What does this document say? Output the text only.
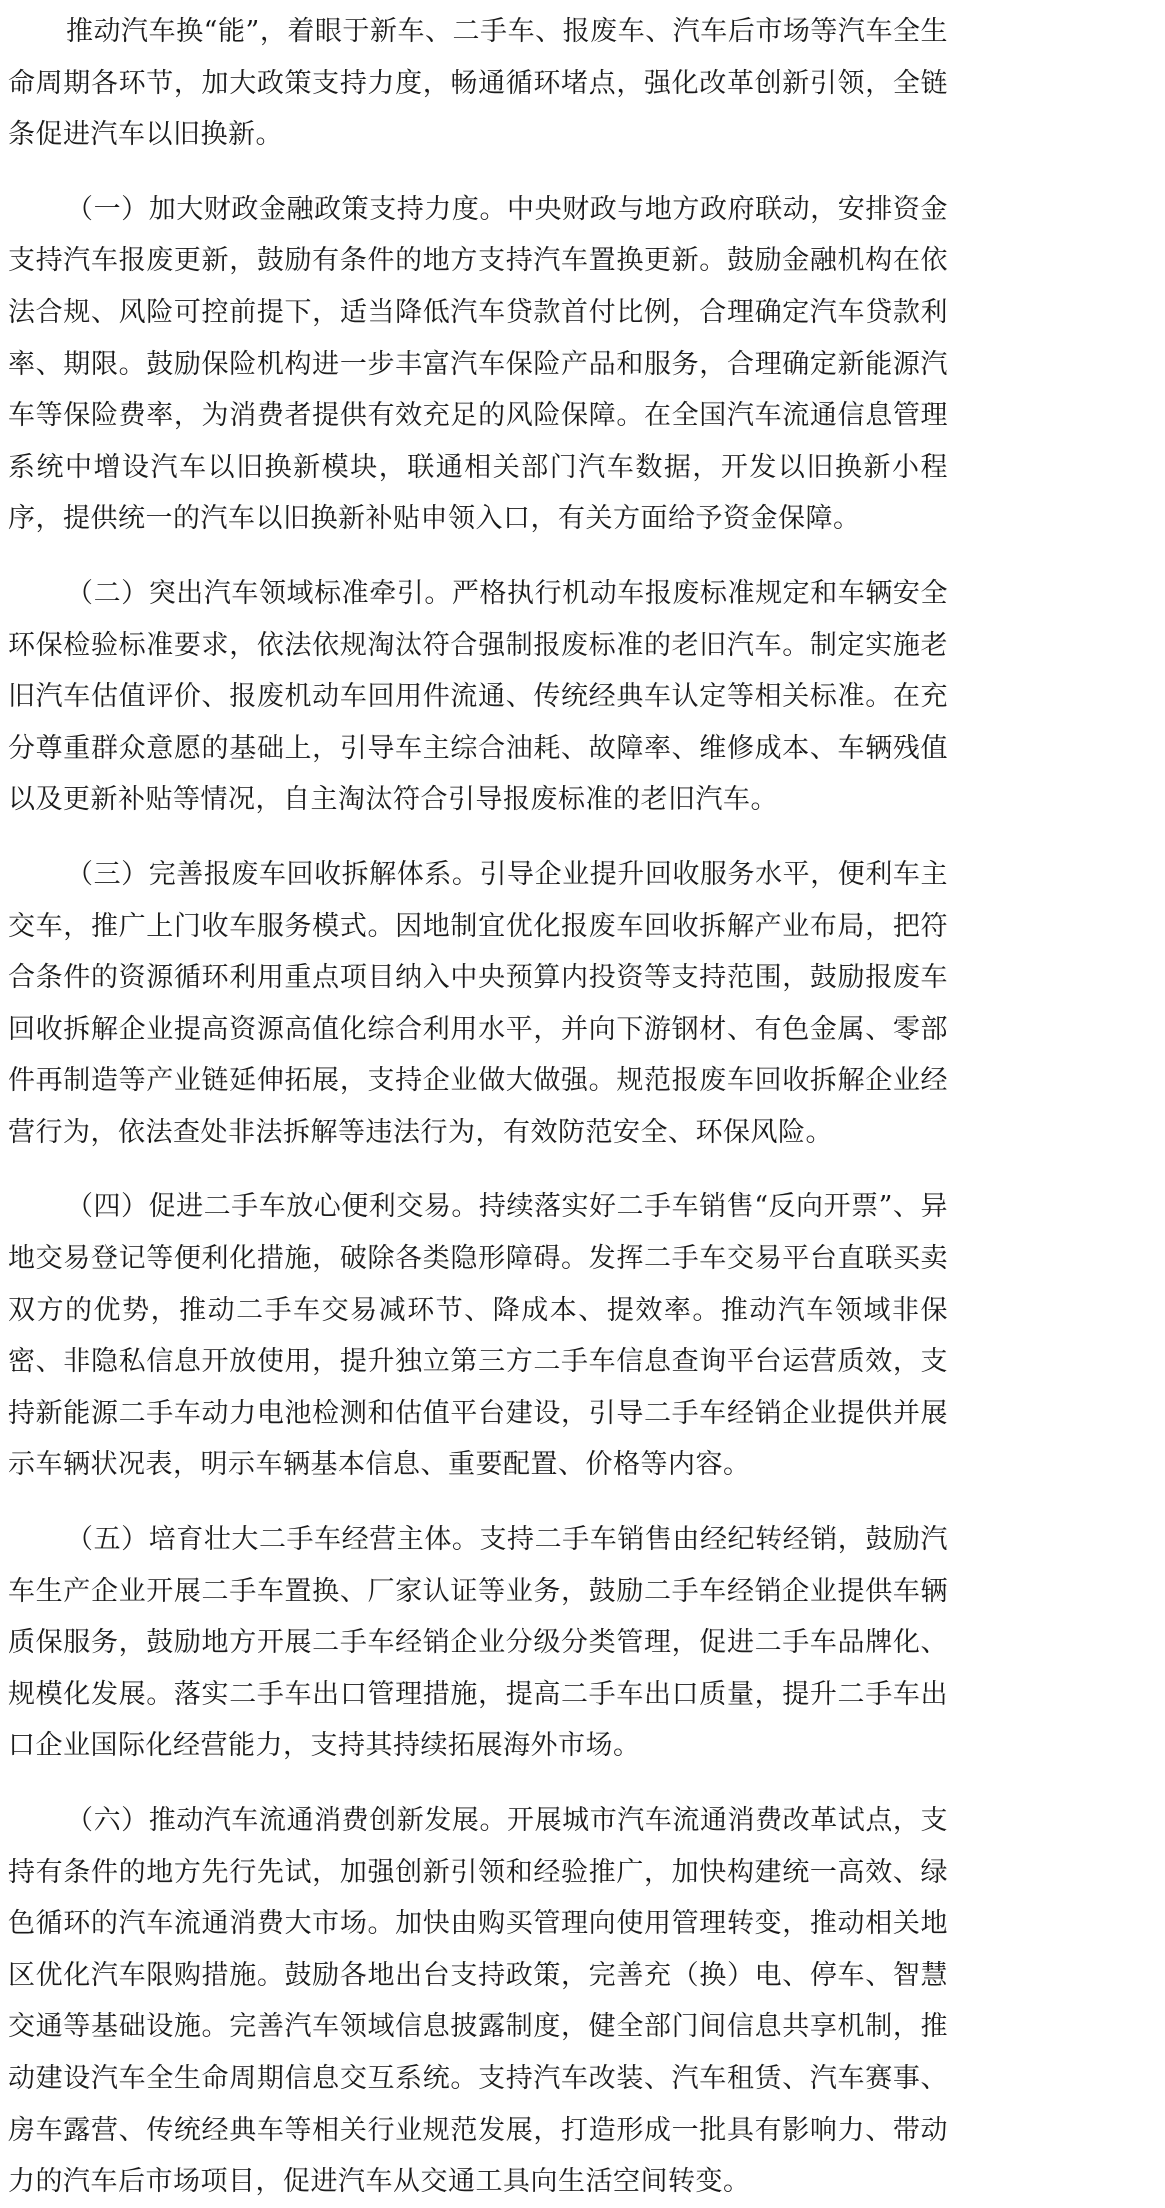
推动汽车换“能”，着眼于新车、二手车、报废车、汽车后市场等汽车全生命周期各环节，加大政策支持力度，畅通循环堵点，强化改革创新引领，全链条促进汽车以旧换新。

（一）加大财政金融政策支持力度。中央财政与地方政府联动，安排资金支持汽车报废更新，鼓励有条件的地方支持汽车置换更新。鼓励金融机构在依法合规、风险可控前提下，适当降低汽车贷款首付比例，合理确定汽车贷款利率、期限。鼓励保险机构进一步丰富汽车保险产品和服务，合理确定新能源汽车等保险费率，为消费者提供有效充足的风险保障。在全国汽车流通信息管理系统中增设汽车以旧换新模块，联通相关部门汽车数据，开发以旧换新小程序，提供统一的汽车以旧换新补贴申领入口，有关方面给予资金保障。

（二）突出汽车领域标准牵引。严格执行机动车报废标准规定和车辆安全环保检验标准要求，依法依规淘汰符合强制报废标准的老旧汽车。制定实施老旧汽车估值评价、报废机动车回用件流通、传统经典车认定等相关标准。在充分尊重群众意愿的基础上，引导车主综合油耗、故障率、维修成本、车辆残值以及更新补贴等情况，自主淘汰符合引导报废标准的老旧汽车。

（三）完善报废车回收拆解体系。引导企业提升回收服务水平，便利车主交车，推广上门收车服务模式。因地制宜优化报废车回收拆解产业布局，把符合条件的资源循环利用重点项目纳入中央预算内投资等支持范围，鼓励报废车回收拆解企业提高资源高值化综合利用水平，并向下游钢材、有色金属、零部件再制造等产业链延伸拓展，支持企业做大做强。规范报废车回收拆解企业经营行为，依法查处非法拆解等违法行为，有效防范安全、环保风险。

（四）促进二手车放心便利交易。持续落实好二手车销售“反向开票”、异地交易登记等便利化措施，破除各类隐形障碍。发挥二手车交易平台直联买卖双方的优势，推动二手车交易减环节、降成本、提效率。推动汽车领域非保密、非隐私信息开放使用，提升独立第三方二手车信息查询平台运营质效，支持新能源二手车动力电池检测和估值平台建设，引导二手车经销企业提供并展示车辆状况表，明示车辆基本信息、重要配置、价格等内容。

（五）培育壮大二手车经营主体。支持二手车销售由经纪转经销，鼓励汽车生产企业开展二手车置换、厂家认证等业务，鼓励二手车经销企业提供车辆质保服务，鼓励地方开展二手车经销企业分级分类管理，促进二手车品牌化、规模化发展。落实二手车出口管理措施，提高二手车出口质量，提升二手车出口企业国际化经营能力，支持其持续拓展海外市场。

（六）推动汽车流通消费创新发展。开展城市汽车流通消费改革试点，支持有条件的地方先行先试，加强创新引领和经验推广，加快构建统一高效、绿色循环的汽车流通消费大市场。加快由购买管理向使用管理转变，推动相关地区优化汽车限购措施。鼓励各地出台支持政策，完善充（换）电、停车、智慧交通等基础设施。完善汽车领域信息披露制度，健全部门间信息共享机制，推动建设汽车全生命周期信息交互系统。支持汽车改装、汽车租赁、汽车赛事、房车露营、传统经典车等相关行业规范发展，打造形成一批具有影响力、带动力的汽车后市场项目，促进汽车从交通工具向生活空间转变。
